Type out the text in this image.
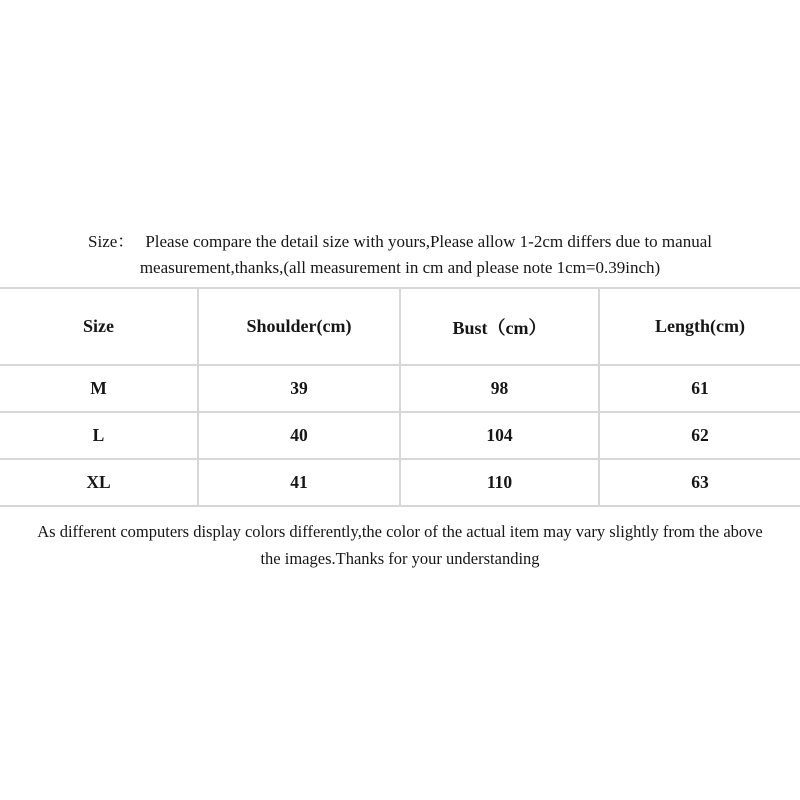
Size： Please compare the detail size with yours,Please allow 1-2cm differs due to manual
measurement,thanks,(all measurement in cm and please note 1cm=0.39inch)
Size	Shoulder(cm)	Bust（cm）	Length(cm)
M	39	98	61
L	40	104	62
XL	41	110	63
As different computers display colors differently,the color of the actual item may vary slightly from the above
the images.Thanks for your understanding
